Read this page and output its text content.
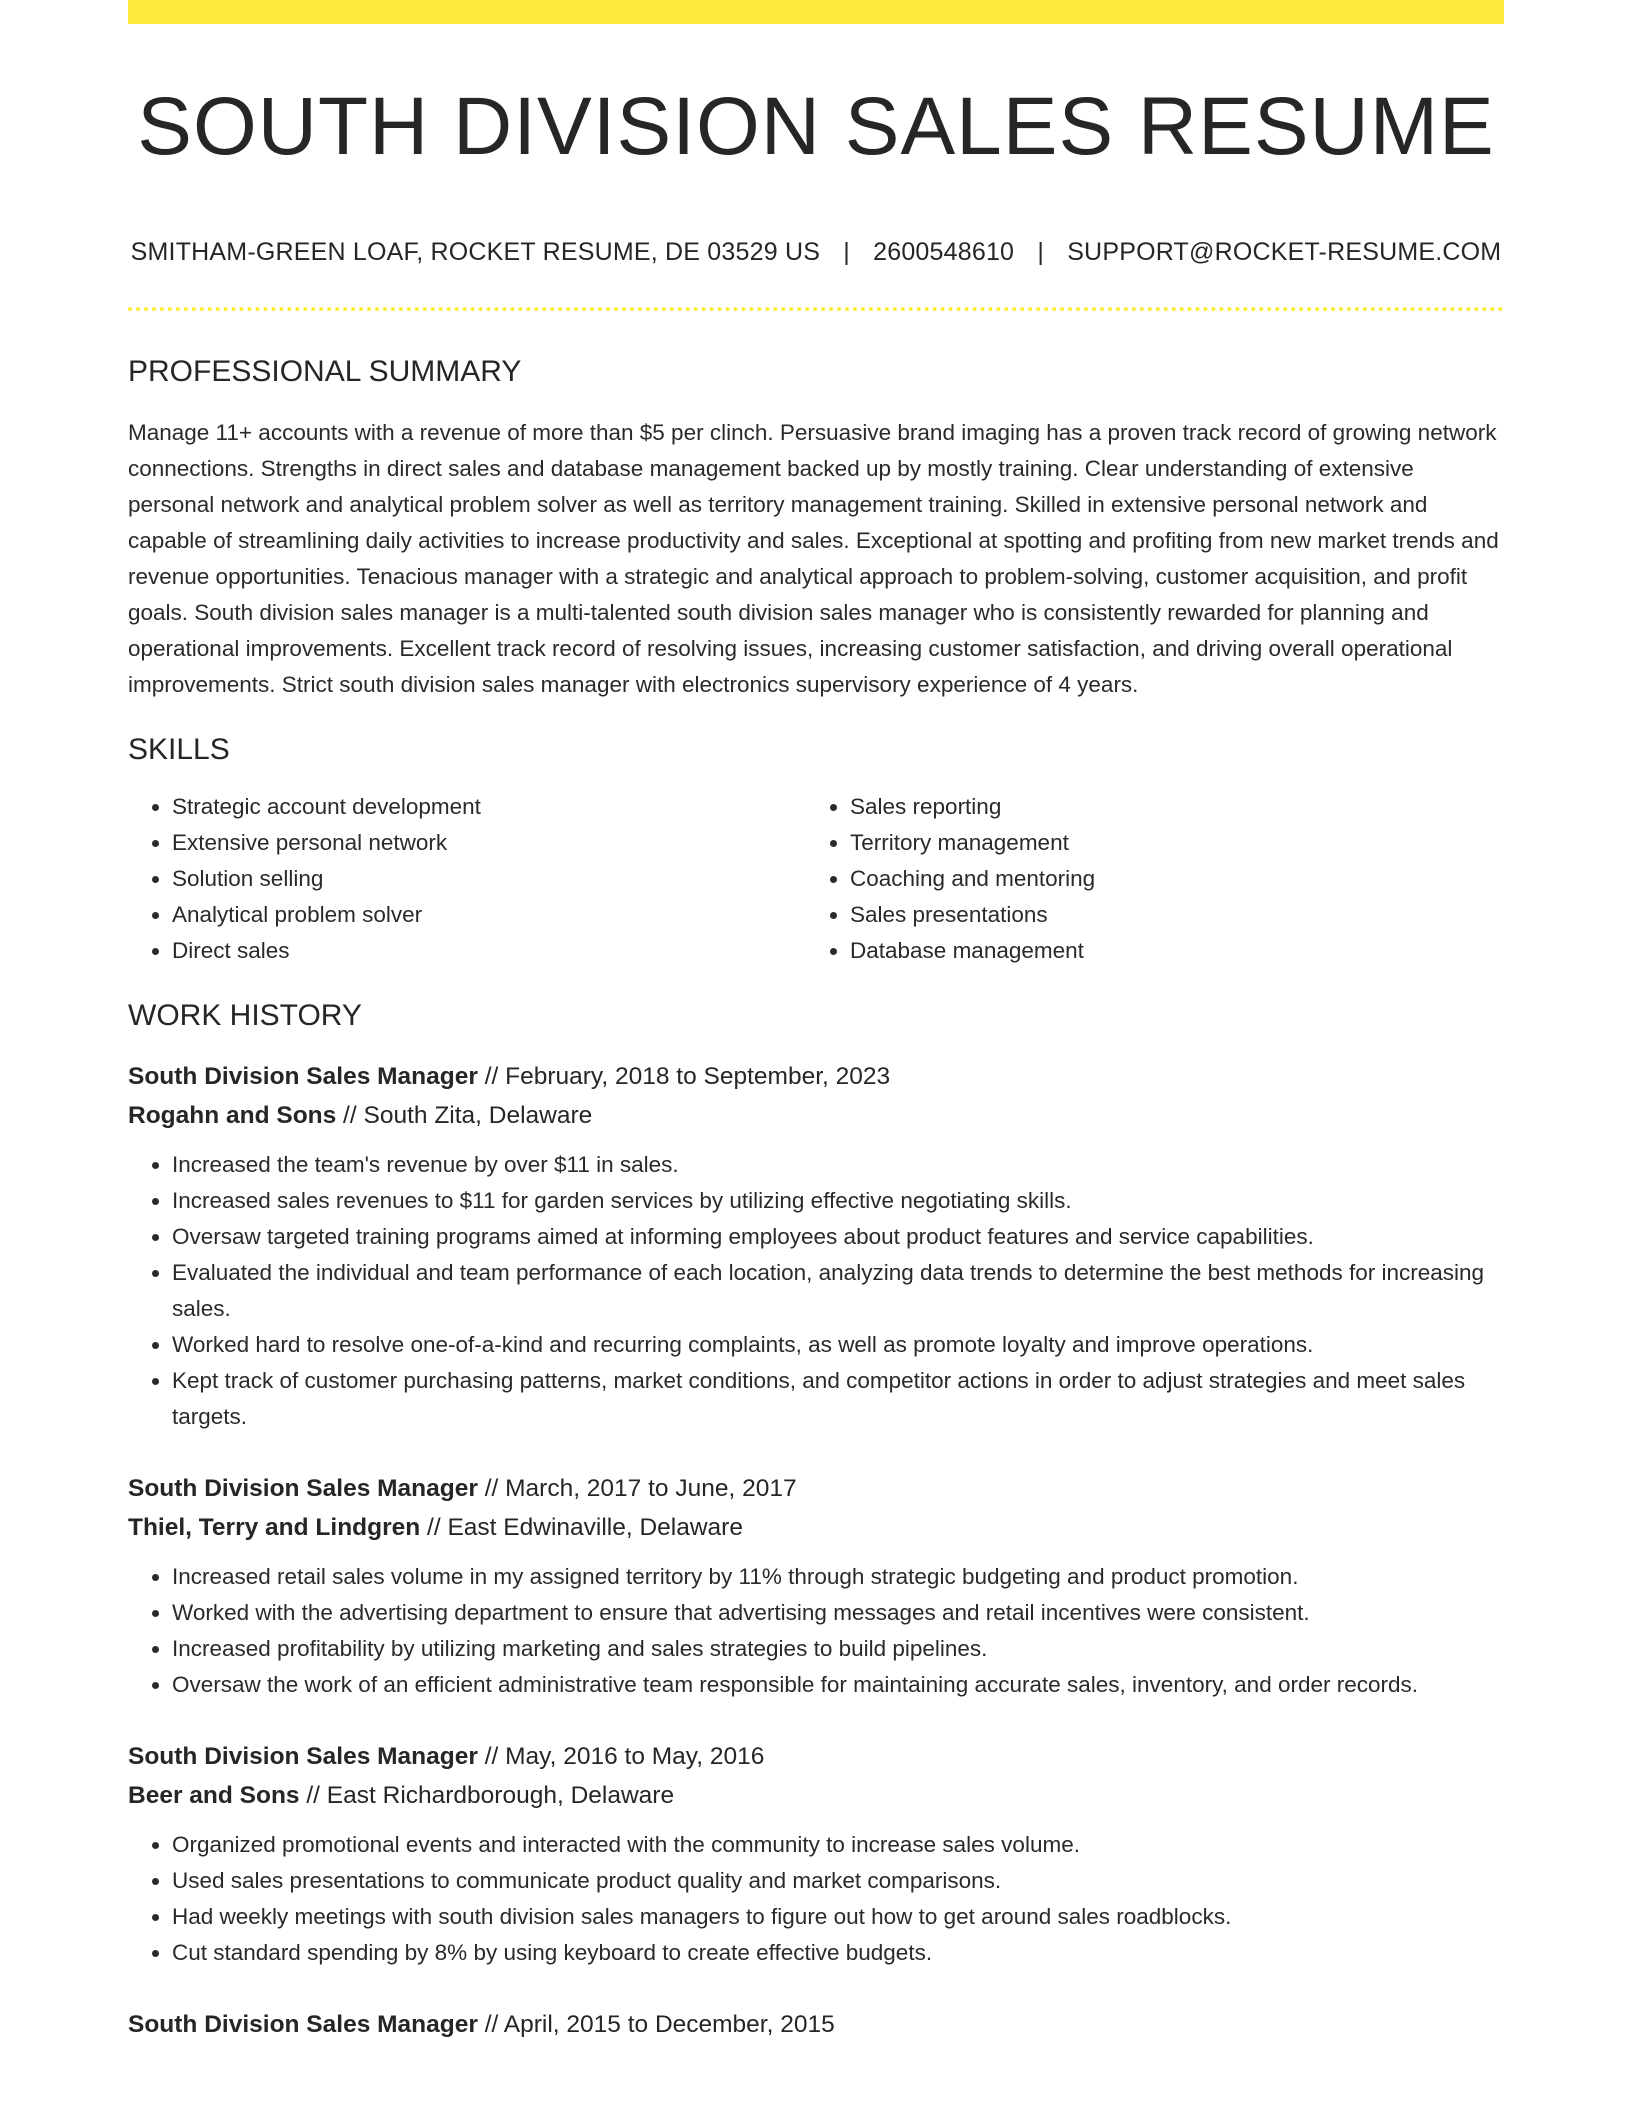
SOUTH DIVISION SALES RESUME
SMITHAM-GREEN LOAF, ROCKET RESUME, DE 03529 US | 2600548610 | SUPPORT@ROCKET-RESUME.COM
PROFESSIONAL SUMMARY

Manage 11+ accounts with a revenue of more than $5 per clinch. Persuasive brand imaging has a proven track record of growing network connections. Strengths in direct sales and database management backed up by mostly training. Clear understanding of extensive personal network and analytical problem solver as well as territory management training. Skilled in extensive personal network and capable of streamlining daily activities to increase productivity and sales. Exceptional at spotting and profiting from new market trends and revenue opportunities. Tenacious manager with a strategic and analytical approach to problem-solving, customer acquisition, and profit goals. South division sales manager is a multi-talented south division sales manager who is consistently rewarded for planning and operational improvements. Excellent track record of resolving issues, increasing customer satisfaction, and driving overall operational improvements. Strict south division sales manager with electronics supervisory experience of 4 years.

SKILLS
• Strategic account development
• Extensive personal network
• Solution selling
• Analytical problem solver
• Direct sales
• Sales reporting
• Territory management
• Coaching and mentoring
• Sales presentations
• Database management
WORK HISTORY
South Division Sales Manager // February, 2018 to September, 2023
Rogahn and Sons // South Zita, Delaware
• Increased the team's revenue by over $11 in sales.
• Increased sales revenues to $11 for garden services by utilizing effective negotiating skills.
• Oversaw targeted training programs aimed at informing employees about product features and service capabilities.
• Evaluated the individual and team performance of each location, analyzing data trends to determine the best methods for increasing sales.
• Worked hard to resolve one-of-a-kind and recurring complaints, as well as promote loyalty and improve operations.
• Kept track of customer purchasing patterns, market conditions, and competitor actions in order to adjust strategies and meet sales targets.
South Division Sales Manager // March, 2017 to June, 2017
Thiel, Terry and Lindgren // East Edwinaville, Delaware
• Increased retail sales volume in my assigned territory by 11% through strategic budgeting and product promotion.
• Worked with the advertising department to ensure that advertising messages and retail incentives were consistent.
• Increased profitability by utilizing marketing and sales strategies to build pipelines.
• Oversaw the work of an efficient administrative team responsible for maintaining accurate sales, inventory, and order records.
South Division Sales Manager // May, 2016 to May, 2016
Beer and Sons // East Richardborough, Delaware
• Organized promotional events and interacted with the community to increase sales volume.
• Used sales presentations to communicate product quality and market comparisons.
• Had weekly meetings with south division sales managers to figure out how to get around sales roadblocks.
• Cut standard spending by 8% by using keyboard to create effective budgets.
South Division Sales Manager // April, 2015 to December, 2015
